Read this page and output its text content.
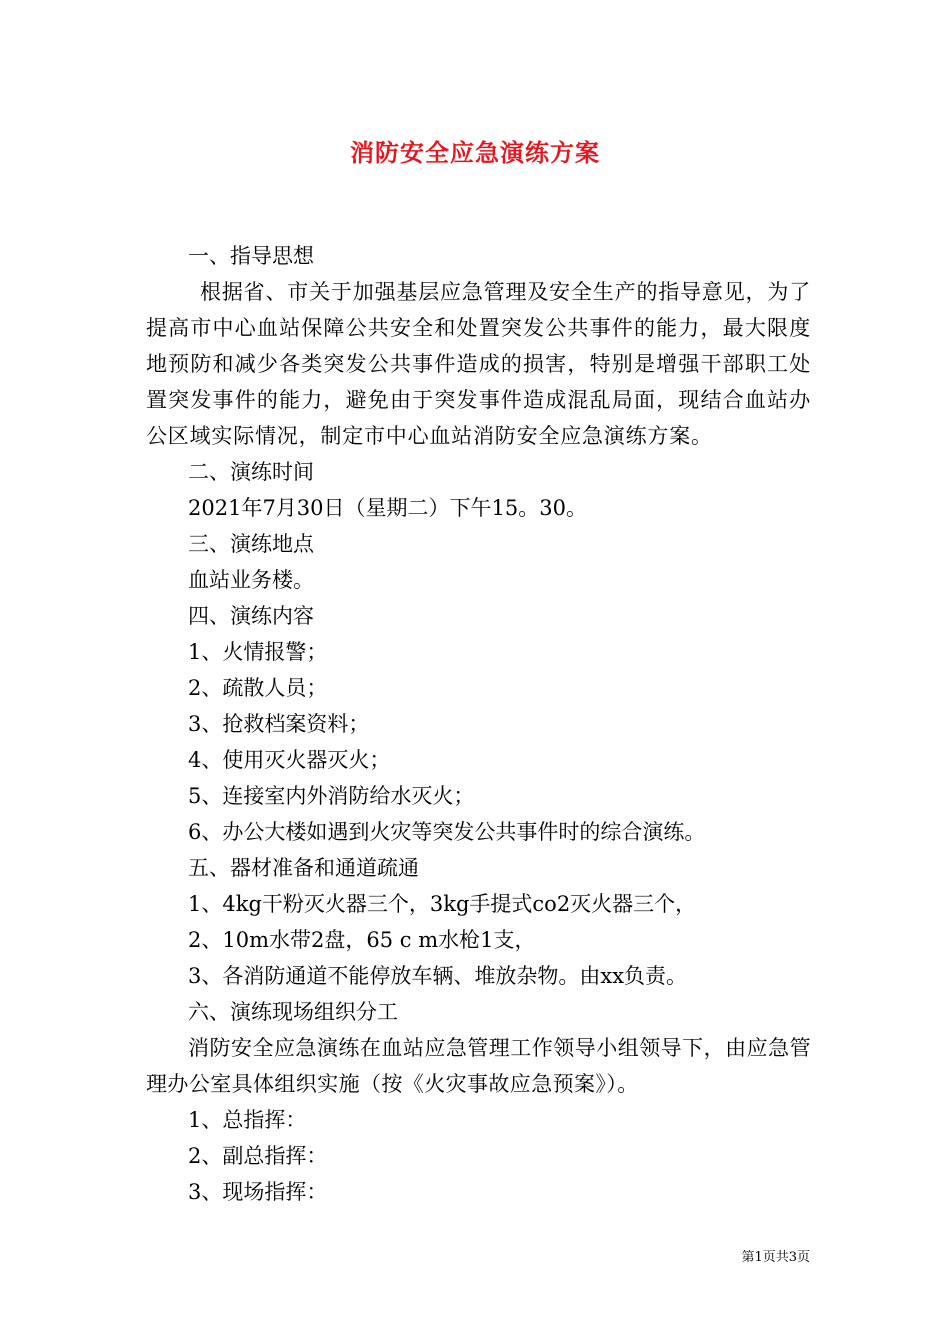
消防安全应急演练方案

一、指导思想

根据省、市关于加强基层应急管理及安全生产的指导意见，为了提高市中心血站保障公共安全和处置突发公共事件的能力，最大限度地预防和减少各类突发公共事件造成的损害，特别是增强干部职工处置突发事件的能力，避免由于突发事件造成混乱局面，现结合血站办公区域实际情况，制定市中心血站消防安全应急演练方案。

二、演练时间

2021年7月30日（星期二）下午15。30。

三、演练地点

血站业务楼。

四、演练内容

1、火情报警；

2、疏散人员；

3、抢救档案资料；

4、使用灭火器灭火；

5、连接室内外消防给水灭火；

6、办公大楼如遇到火灾等突发公共事件时的综合演练。

五、器材准备和通道疏通

1、4kg干粉灭火器三个，3kg手提式co2灭火器三个，

2、10m水带2盘，65 c m水枪1支，

3、各消防通道不能停放车辆、堆放杂物。由xx负责。

六、演练现场组织分工

消防安全应急演练在血站应急管理工作领导小组领导下，由应急管理办公室具体组织实施（按《火灾事故应急预案》）。

1、总指挥：

2、副总指挥：

3、现场指挥：

第1页共3页
